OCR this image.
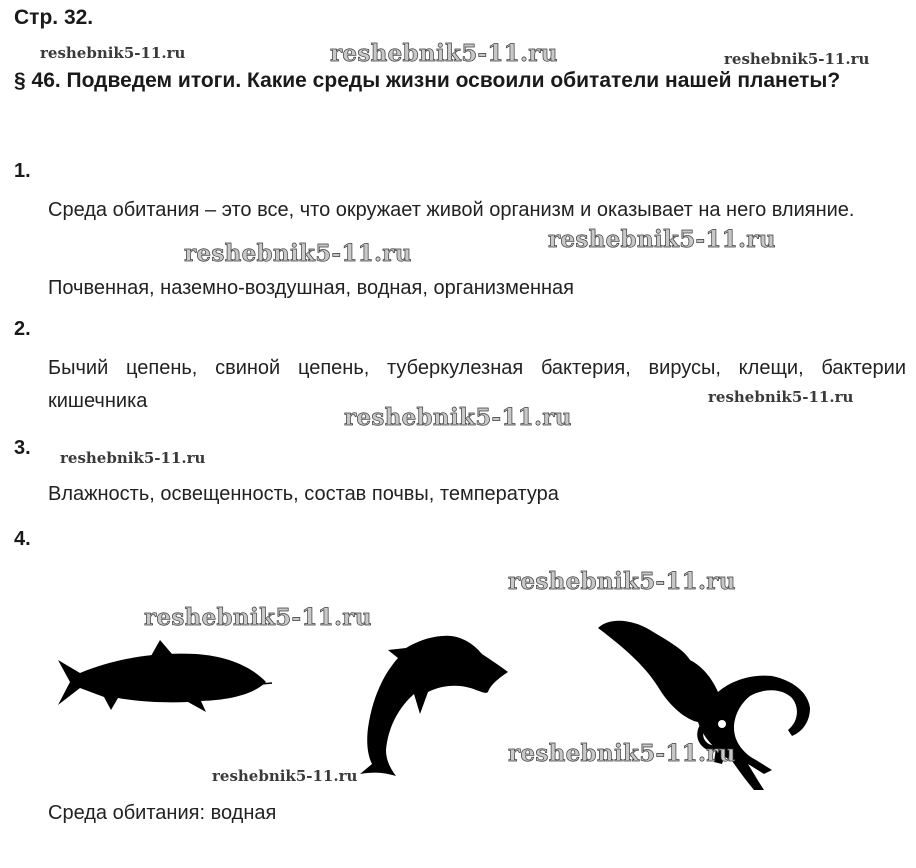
Стр. 32.
§ 46. Подведем итоги. Какие среды жизни освоили обитатели нашей планеты?
1.
Среда обитания – это все, что окружает живой организм и оказывает на него влияние.
Почвенная, наземно-воздушная, водная, организменная
2.
Бычий цепень, свиной цепень, туберкулезная бактерия, вирусы, клещи, бактерии кишечника
3.
Влажность, освещенность, состав почвы, температура
4.
Среда обитания: водная
reshebnik5-11.ru	reshebnik5-11.ru	reshebnik5-11.ru
reshebnik5-11.ru
reshebnik5-11.ru
reshebnik5-11.ru
reshebnik5-11.ru
reshebnik5-11.ru
reshebnik5-11.ru
reshebnik5-11.ru
reshebnik5-11.ru
reshebnik5-11.ru
